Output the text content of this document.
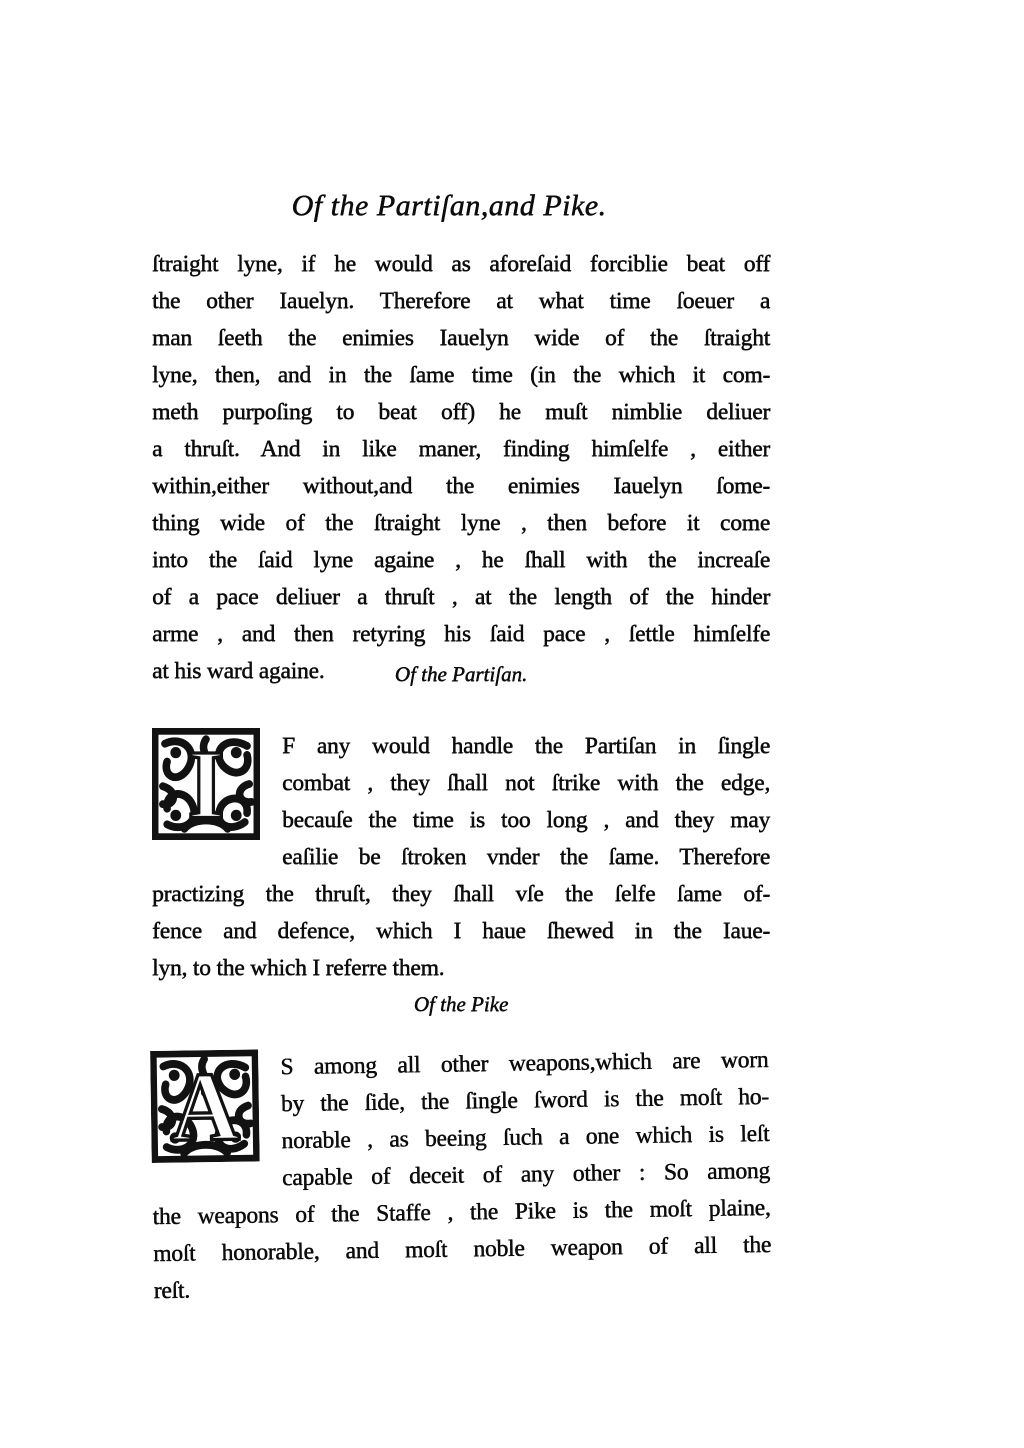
Of the Partiſan,and Pike.
ſtraight lyne, if he would as aforeſaid forciblie beat off
the other Iauelyn. Therefore at what time ſoeuer a
man ſeeth the enimies Iauelyn wide of the ſtraight
lyne, then, and in the ſame time (in the which it com-
meth purpoſing to beat off) he muſt nimblie deliuer
a thruſt. And in like maner, finding himſelfe , either
within,either without,and the enimies Iauelyn ſome-
thing wide of the ſtraight lyne , then before it come
into the ſaid lyne againe , he ſhall with the increaſe
of a pace deliuer a thruſt , at the length of the hinder
arme , and then retyring his ſaid pace , ſettle himſelfe
at his ward againe.	Of the Partiſan.
I	F any would handle the Partiſan in ſingle
combat , they ſhall not ſtrike with the edge,
becauſe the time is too long , and they may
eaſilie be ſtroken vnder the ſame. Therefore
practizing the thruſt, they ſhall vſe the ſelfe ſame of-
fence and defence, which I haue ſhewed in the Iaue-
lyn, to the which I referre them.
Of the Pike
A	S among all other weapons,which are worn
by the ſide, the ſingle ſword is the moſt ho-
norable , as beeing ſuch a one which is leſt
capable of deceit of any other : So among
the weapons of the Staffe , the Pike is the moſt plaine,
moſt honorable, and moſt noble weapon of all the
reſt.
